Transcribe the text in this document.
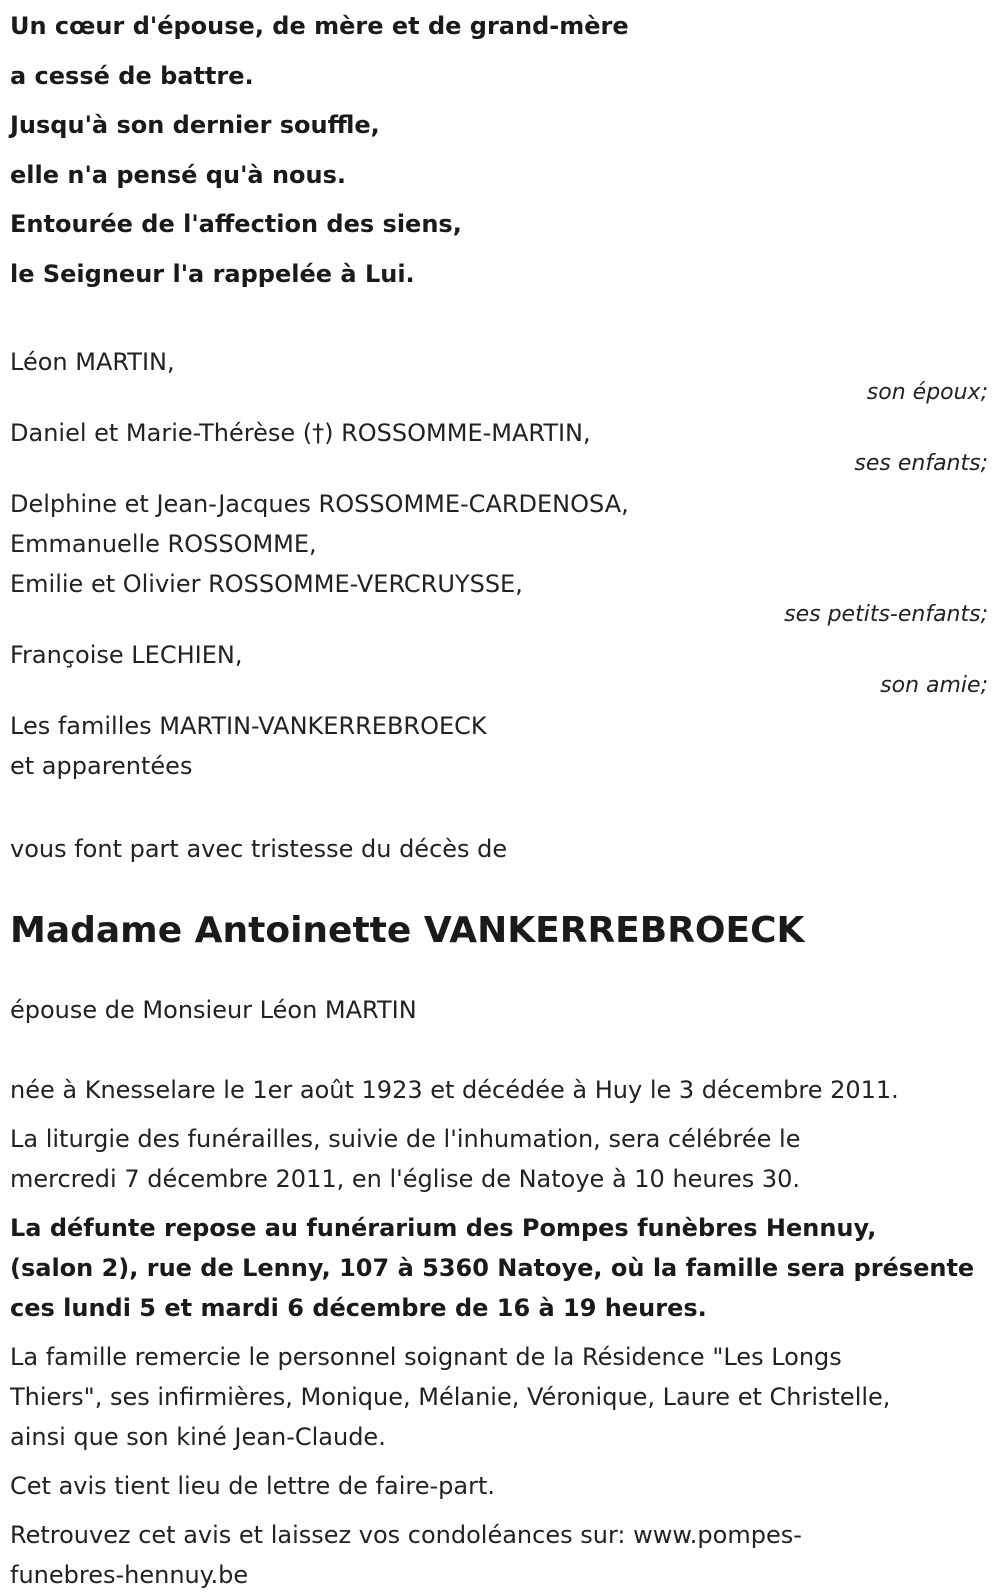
Un cœur d'épouse, de mère et de grand-mère
a cessé de battre.
Jusqu'à son dernier souffle,
elle n'a pensé qu'à nous.
Entourée de l'affection des siens,
le Seigneur l'a rappelée à Lui.
Léon MARTIN,
son époux;
Daniel et Marie-Thérèse (†) ROSSOMME-MARTIN,
ses enfants;
Delphine et Jean-Jacques ROSSOMME-CARDENOSA,
Emmanuelle ROSSOMME,
Emilie et Olivier ROSSOMME-VERCRUYSSE,
ses petits-enfants;
Françoise LECHIEN,
son amie;
Les familles MARTIN-VANKERREBROECK
et apparentées
vous font part avec tristesse du décès de
Madame Antoinette VANKERREBROECK
épouse de Monsieur Léon MARTIN
née à Knesselare le 1er août 1923 et décédée à Huy le 3 décembre 2011.
La liturgie des funérailles, suivie de l'inhumation, sera célébrée le
mercredi 7 décembre 2011, en l'église de Natoye à 10 heures 30.
La défunte repose au funérarium des Pompes funèbres Hennuy,
(salon 2), rue de Lenny, 107 à 5360 Natoye, où la famille sera présente
ces lundi 5 et mardi 6 décembre de 16 à 19 heures.
La famille remercie le personnel soignant de la Résidence "Les Longs
Thiers", ses infirmières, Monique, Mélanie, Véronique, Laure et Christelle,
ainsi que son kiné Jean-Claude.
Cet avis tient lieu de lettre de faire-part.
Retrouvez cet avis et laissez vos condoléances sur: www.pompes-
funebres-hennuy.be
